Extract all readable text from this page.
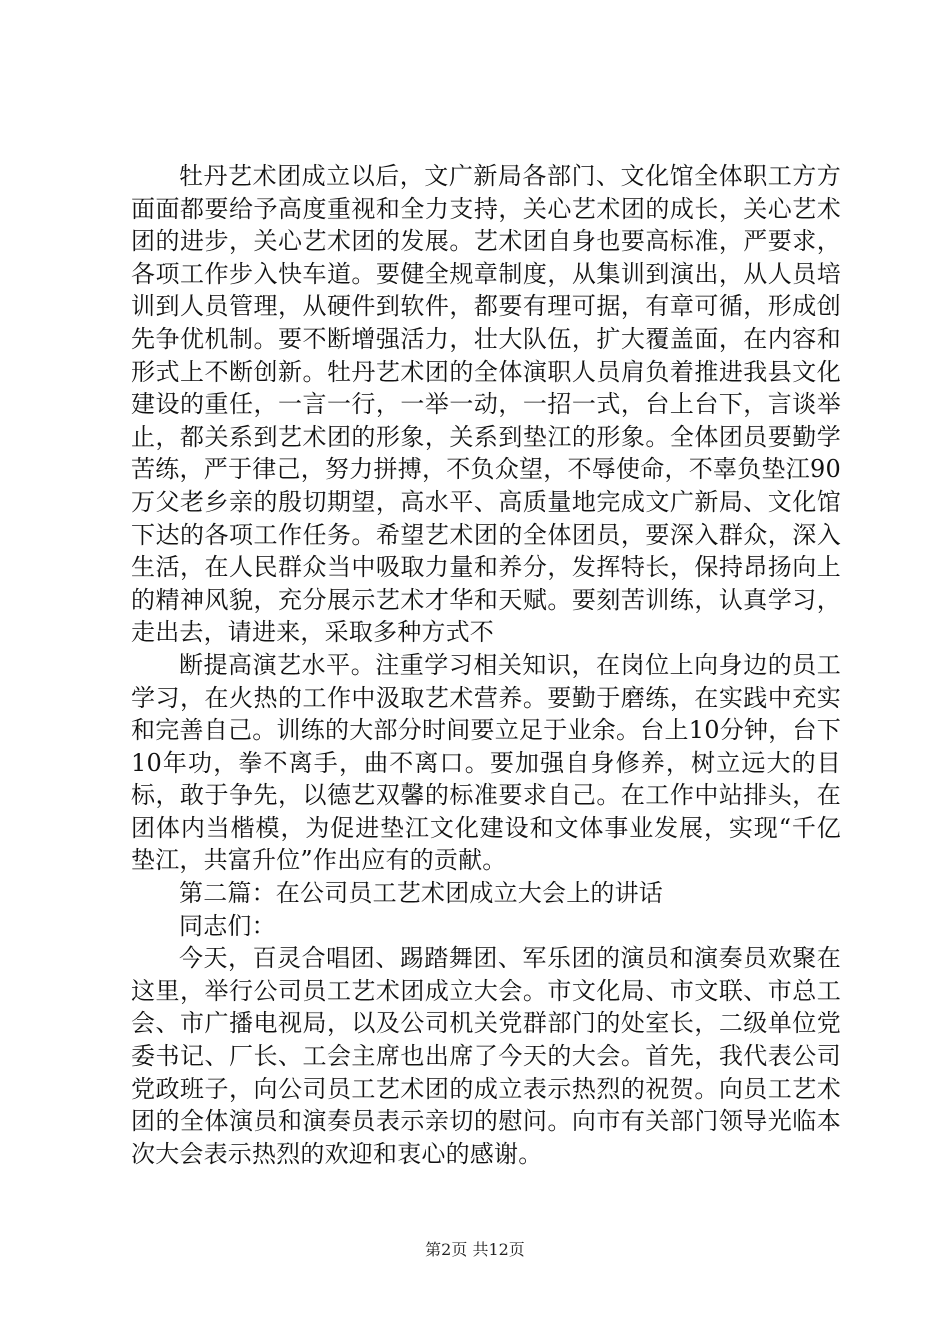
牡丹艺术团成立以后，文广新局各部门、文化馆全体职工方方面面都要给予高度重视和全力支持，关心艺术团的成长，关心艺术团的进步，关心艺术团的发展。艺术团自身也要高标准，严要求，各项工作步入快车道。要健全规章制度，从集训到演出，从人员培训到人员管理，从硬件到软件，都要有理可据，有章可循，形成创先争优机制。要不断增强活力，壮大队伍，扩大覆盖面，在内容和形式上不断创新。牡丹艺术团的全体演职人员肩负着推进我县文化建设的重任，一言一行，一举一动，一招一式，台上台下，言谈举止，都关系到艺术团的形象，关系到垫江的形象。全体团员要勤学苦练，严于律己，努力拼搏，不负众望，不辱使命，不辜负垫江90万父老乡亲的殷切期望，高水平、高质量地完成文广新局、文化馆下达的各项工作任务。希望艺术团的全体团员，要深入群众，深入生活，在人民群众当中吸取力量和养分，发挥特长，保持昂扬向上的精神风貌，充分展示艺术才华和天赋。要刻苦训练，认真学习，走出去，请进来，采取多种方式不

断提高演艺水平。注重学习相关知识，在岗位上向身边的员工学习，在火热的工作中汲取艺术营养。要勤于磨练，在实践中充实和完善自己。训练的大部分时间要立足于业余。台上10分钟，台下10年功，拳不离手，曲不离口。要加强自身修养，树立远大的目标，敢于争先，以德艺双馨的标准要求自己。在工作中站排头，在团体内当楷模，为促进垫江文化建设和文体事业发展，实现“千亿垫江，共富升位”作出应有的贡献。

第二篇：在公司员工艺术团成立大会上的讲话

同志们：

今天，百灵合唱团、踢踏舞团、军乐团的演员和演奏员欢聚在这里，举行公司员工艺术团成立大会。市文化局、市文联、市总工会、市广播电视局，以及公司机关党群部门的处室长，二级单位党委书记、厂长、工会主席也出席了今天的大会。首先，我代表公司党政班子，向公司员工艺术团的成立表示热烈的祝贺。向员工艺术团的全体演员和演奏员表示亲切的慰问。向市有关部门领导光临本次大会表示热烈的欢迎和衷心的感谢。

第2页 共12页
